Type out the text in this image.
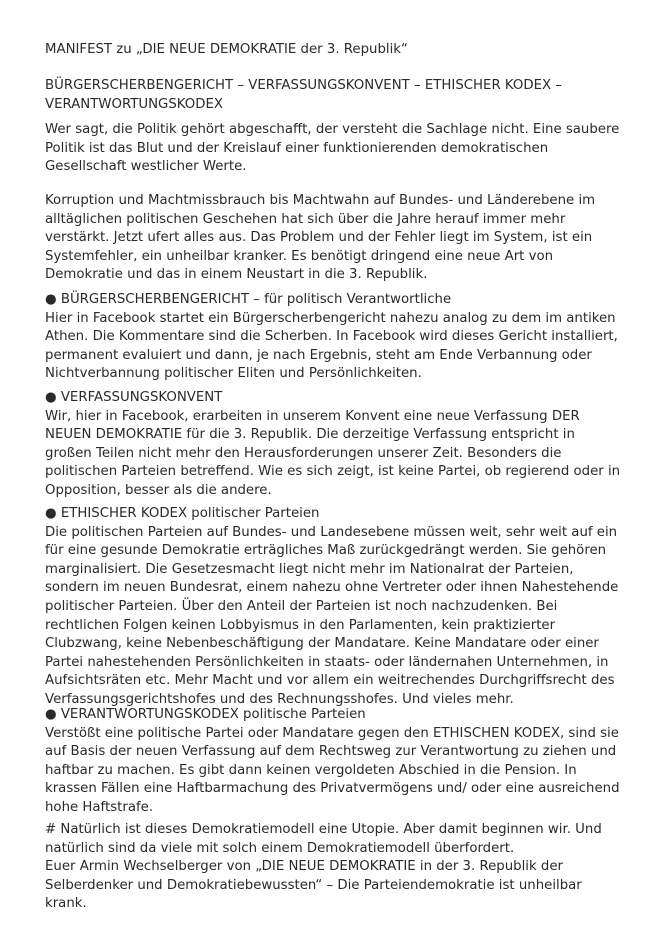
MANIFEST zu „DIE NEUE DEMOKRATIE der 3. Republik“

BÜRGERSCHERBENGERICHT – VERFASSUNGSKONVENT – ETHISCHER KODEX –
VERANTWORTUNGSKODEX
Wer sagt, die Politik gehört abgeschafft, der versteht die Sachlage nicht. Eine saubere
Politik ist das Blut und der Kreislauf einer funktionierenden demokratischen
Gesellschaft westlicher Werte.
Korruption und Machtmissbrauch bis Machtwahn auf Bundes- und Länderebene im
alltäglichen politischen Geschehen hat sich über die Jahre herauf immer mehr
verstärkt. Jetzt ufert alles aus. Das Problem und der Fehler liegt im System, ist ein
Systemfehler, ein unheilbar kranker. Es benötigt dringend eine neue Art von
Demokratie und das in einem Neustart in die 3. Republik.
● BÜRGERSCHERBENGERICHT – für politisch Verantwortliche
Hier in Facebook startet ein Bürgerscherbengericht nahezu analog zu dem im antiken
Athen. Die Kommentare sind die Scherben. In Facebook wird dieses Gericht installiert,
permanent evaluiert und dann, je nach Ergebnis, steht am Ende Verbannung oder
Nichtverbannung politischer Eliten und Persönlichkeiten.
● VERFASSUNGSKONVENT
Wir, hier in Facebook, erarbeiten in unserem Konvent eine neue Verfassung DER
NEUEN DEMOKRATIE für die 3. Republik. Die derzeitige Verfassung entspricht in
großen Teilen nicht mehr den Herausforderungen unserer Zeit. Besonders die
politischen Parteien betreffend. Wie es sich zeigt, ist keine Partei, ob regierend oder in
Opposition, besser als die andere.
● ETHISCHER KODEX politischer Parteien
Die politischen Parteien auf Bundes- und Landesebene müssen weit, sehr weit auf ein
für eine gesunde Demokratie erträgliches Maß zurückgedrängt werden. Sie gehören
marginalisiert. Die Gesetzesmacht liegt nicht mehr im Nationalrat der Parteien,
sondern im neuen Bundesrat, einem nahezu ohne Vertreter oder ihnen Nahestehende
politischer Parteien. Über den Anteil der Parteien ist noch nachzudenken. Bei
rechtlichen Folgen keinen Lobbyismus in den Parlamenten, kein praktizierter
Clubzwang, keine Nebenbeschäftigung der Mandatare. Keine Mandatare oder einer
Partei nahestehenden Persönlichkeiten in staats- oder ländernahen Unternehmen, in
Aufsichtsräten etc. Mehr Macht und vor allem ein weitrechendes Durchgriffsrecht des
Verfassungsgerichtshofes und des Rechnungsshofes. Und vieles mehr.
● VERANTWORTUNGSKODEX politische Parteien
Verstößt eine politische Partei oder Mandatare gegen den ETHISCHEN KODEX, sind sie
auf Basis der neuen Verfassung auf dem Rechtsweg zur Verantwortung zu ziehen und
haftbar zu machen. Es gibt dann keinen vergoldeten Abschied in die Pension. In
krassen Fällen eine Haftbarmachung des Privatvermögens und/ oder eine ausreichend
hohe Haftstrafe.
# Natürlich ist dieses Demokratiemodell eine Utopie. Aber damit beginnen wir. Und
natürlich sind da viele mit solch einem Demokratiemodell überfordert.
Euer Armin Wechselberger von „DIE NEUE DEMOKRATIE in der 3. Republik der
Selberdenker und Demokratiebewussten“ – Die Parteiendemokratie ist unheilbar
krank.
